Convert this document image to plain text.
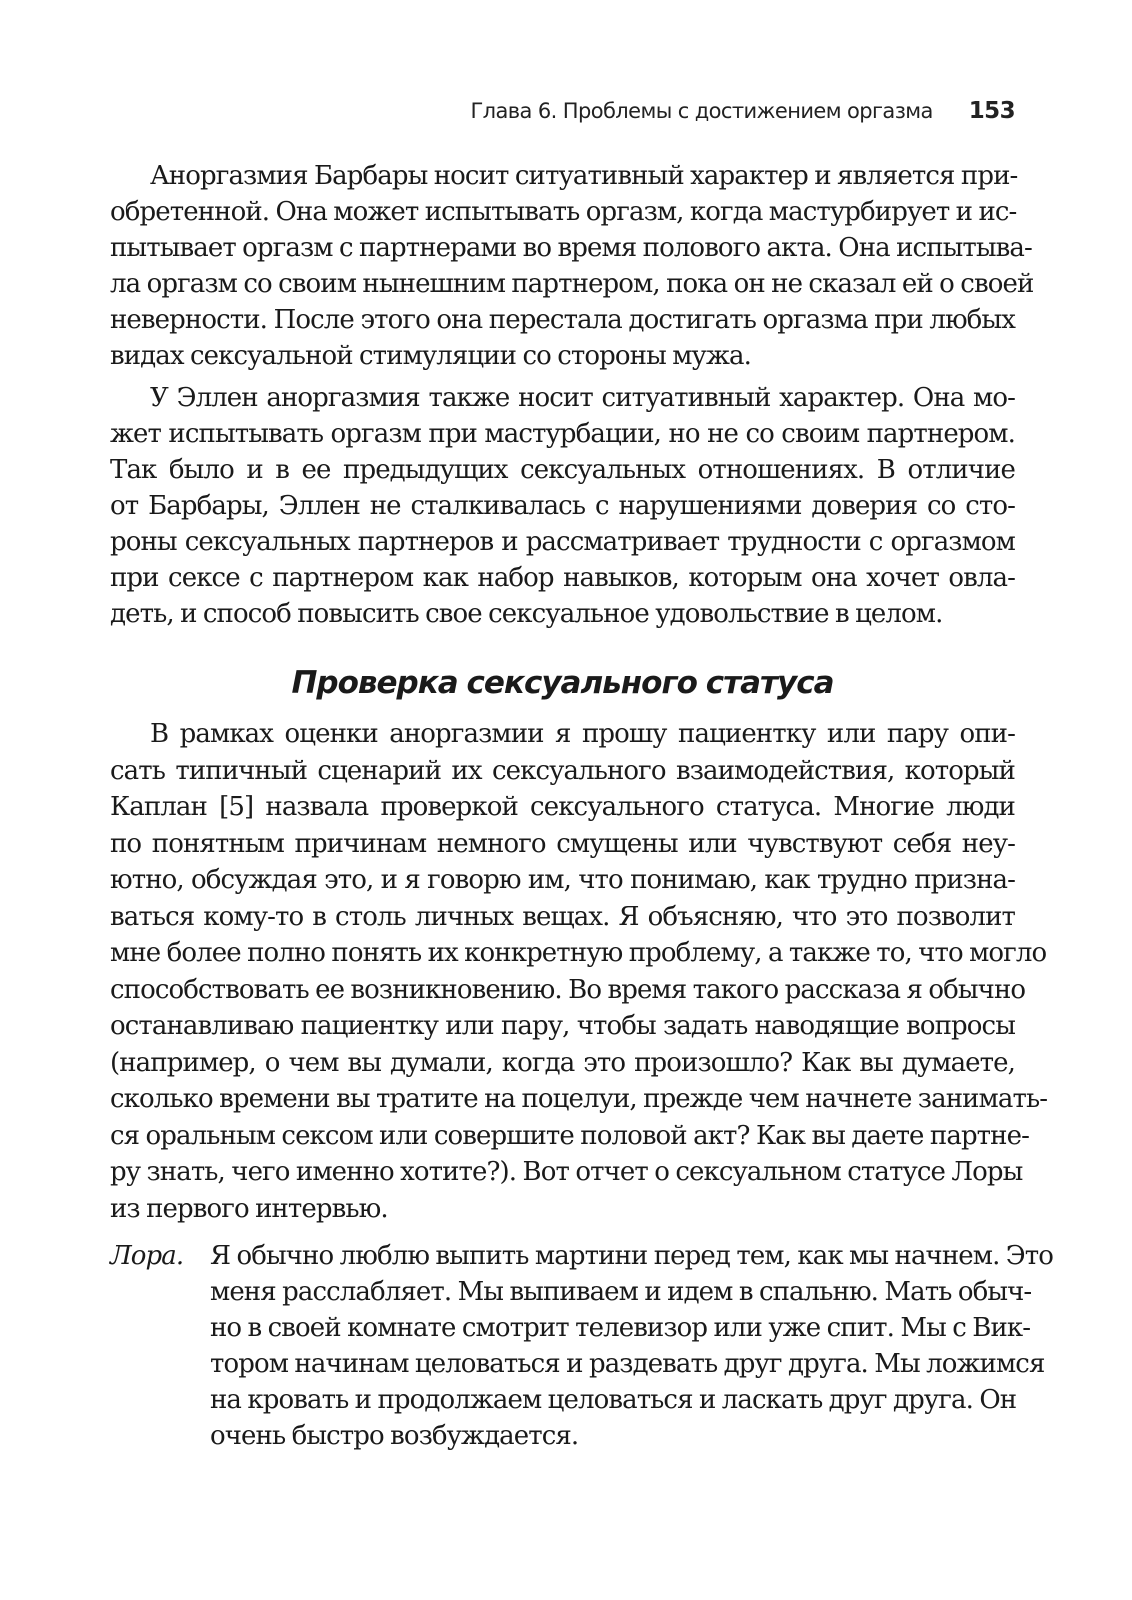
Глава 6. Проблемы с достижением оргазма 153
Аноргазмия Барбары носит ситуативный характер и является при-
обретенной. Она может испытывать оргазм, когда мастурбирует и ис-
пытывает оргазм с партнерами во время полового акта. Она испытыва-
ла оргазм со своим нынешним партнером, пока он не сказал ей о своей
неверности. После этого она перестала достигать оргазма при любых
видах сексуальной стимуляции со стороны мужа.
У Эллен аноргазмия также носит ситуативный характер. Она мо-
жет испытывать оргазм при мастурбации, но не со своим партнером.
Так было и в ее предыдущих сексуальных отношениях. В отличие
от Барбары, Эллен не сталкивалась с нарушениями доверия со сто-
роны сексуальных партнеров и рассматривает трудности с оргазмом
при сексе с партнером как набор навыков, которым она хочет овла-
деть, и способ повысить свое сексуальное удовольствие в целом.
Проверка сексуального статуса
В рамках оценки аноргазмии я прошу пациентку или пару опи-
сать типичный сценарий их сексуального взаимодействия, который
Каплан [5] назвала проверкой сексуального статуса. Многие люди
по понятным причинам немного смущены или чувствуют себя неу-
ютно, обсуждая это, и я говорю им, что понимаю, как трудно призна-
ваться кому-то в столь личных вещах. Я объясняю, что это позволит
мне более полно понять их конкретную проблему, а также то, что могло
способствовать ее возникновению. Во время такого рассказа я обычно
останавливаю пациентку или пару, чтобы задать наводящие вопросы
(например, о чем вы думали, когда это произошло? Как вы думаете,
сколько времени вы тратите на поцелуи, прежде чем начнете занимать-
ся оральным сексом или совершите половой акт? Как вы даете партне-
ру знать, чего именно хотите?). Вот отчет о сексуальном статусе Лоры
из первого интервью.
Лора.	Я обычно люблю выпить мартини перед тем, как мы начнем. Это
меня расслабляет. Мы выпиваем и идем в спальню. Мать обыч-
но в своей комнате смотрит телевизор или уже спит. Мы с Вик-
тором начинам целоваться и раздевать друг друга. Мы ложимся
на кровать и продолжаем целоваться и ласкать друг друга. Он
очень быстро возбуждается.
